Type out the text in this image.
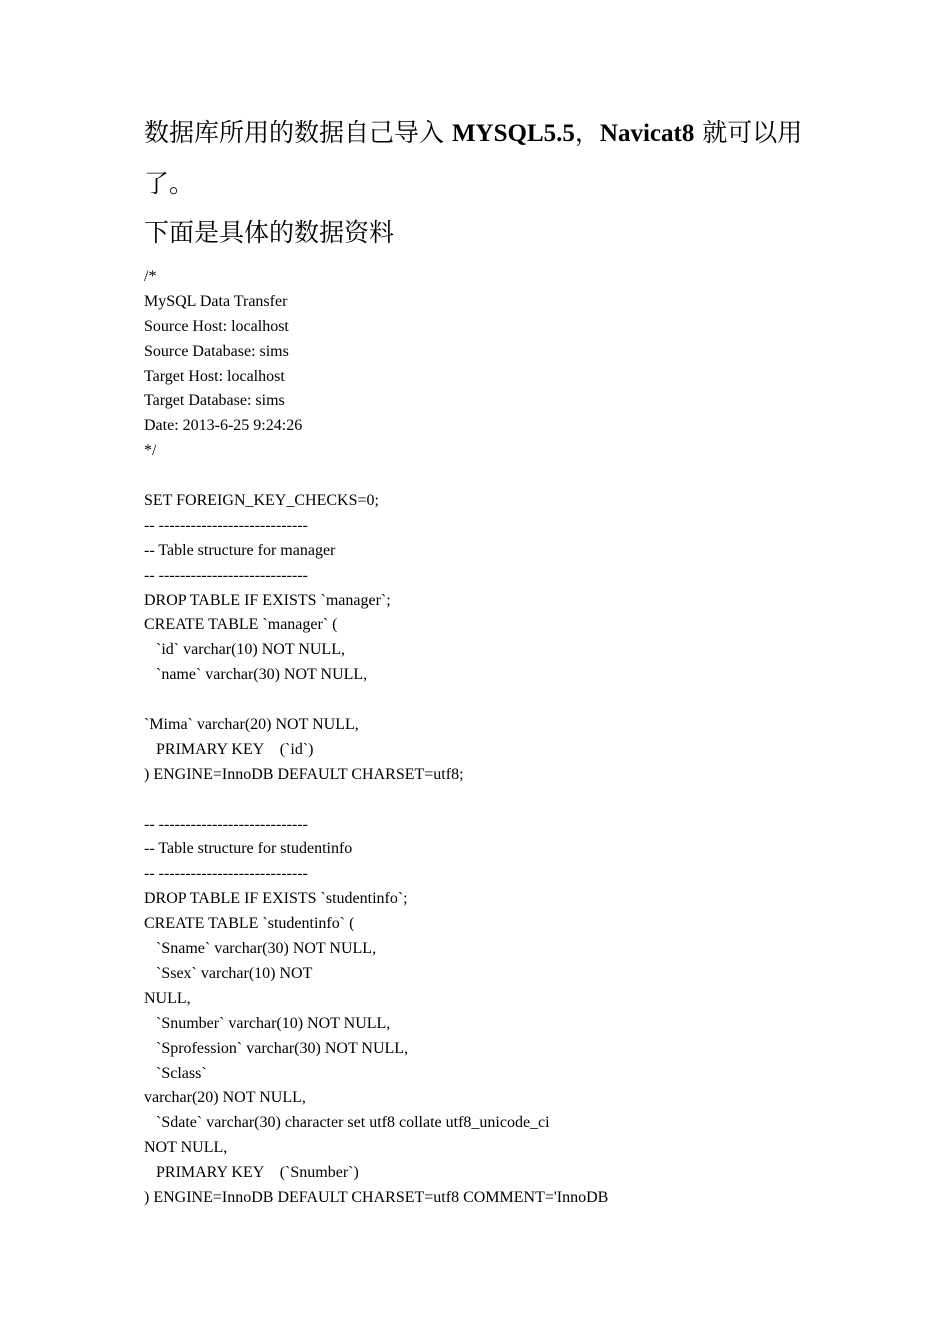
数据库所用的数据自己导入 MYSQL5.5，Navicat8 就可以用

了。

下面是具体的数据资料

/*

MySQL Data Transfer

Source Host: localhost

Source Database: sims

Target Host: localhost

Target Database: sims

Date: 2013-6-25 9:24:26

*/

SET FOREIGN_KEY_CHECKS=0;

-- ----------------------------

-- Table structure for manager

-- ----------------------------

DROP TABLE IF EXISTS `manager`;

CREATE TABLE `manager` (

`id` varchar(10) NOT NULL,

`name` varchar(30) NOT NULL,

`Mima` varchar(20) NOT NULL,

PRIMARY KEY    (`id`)

) ENGINE=InnoDB DEFAULT CHARSET=utf8;

-- ----------------------------

-- Table structure for studentinfo

-- ----------------------------

DROP TABLE IF EXISTS `studentinfo`;

CREATE TABLE `studentinfo` (

`Sname` varchar(30) NOT NULL,

`Ssex` varchar(10) NOT

NULL,

`Snumber` varchar(10) NOT NULL,

`Sprofession` varchar(30) NOT NULL,

`Sclass`

varchar(20) NOT NULL,

`Sdate` varchar(30) character set utf8 collate utf8_unicode_ci

NOT NULL,

PRIMARY KEY    (`Snumber`)

) ENGINE=InnoDB DEFAULT CHARSET=utf8 COMMENT='InnoDB
